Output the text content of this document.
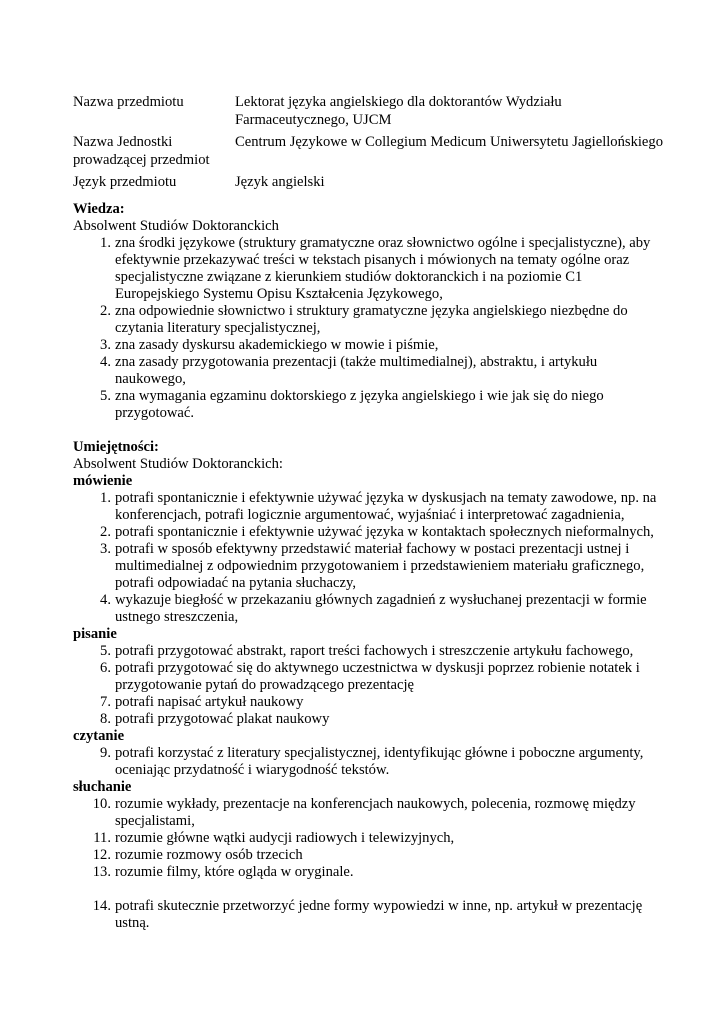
Nazwa przedmiotu	Lektorat języka angielskiego dla doktorantów Wydziału Farmaceutycznego, UJCM
Nazwa Jednostki prowadzącej przedmiot	Centrum Językowe w Collegium Medicum Uniwersytetu Jagiellońskiego
Język przedmiotu	Język angielski
Wiedza:
Absolwent Studiów Doktoranckich
1. zna środki językowe (struktury gramatyczne oraz słownictwo ogólne i specjalistyczne), aby efektywnie przekazywać treści w tekstach pisanych i mówionych na tematy ogólne oraz specjalistyczne związane z kierunkiem studiów doktoranckich i na poziomie C1 Europejskiego Systemu Opisu Kształcenia Językowego,
2. zna odpowiednie słownictwo i struktury gramatyczne języka angielskiego niezbędne do czytania literatury specjalistycznej,
3. zna zasady dyskursu akademickiego w mowie i piśmie,
4. zna zasady przygotowania prezentacji (także multimedialnej), abstraktu, i artykułu naukowego,
5. zna wymagania egzaminu doktorskiego z języka angielskiego i wie jak się do niego przygotować.
Umiejętności:
Absolwent Studiów Doktoranckich:
mówienie
1. potrafi spontanicznie i efektywnie używać języka w dyskusjach na tematy zawodowe, np. na konferencjach, potrafi logicznie argumentować, wyjaśniać i interpretować zagadnienia,
2. potrafi spontanicznie i efektywnie używać języka w kontaktach społecznych nieformalnych,
3. potrafi w sposób efektywny przedstawić materiał fachowy w postaci prezentacji ustnej i multimedialnej z odpowiednim przygotowaniem i przedstawieniem materiału graficznego, potrafi odpowiadać na pytania słuchaczy,
4. wykazuje biegłość w przekazaniu głównych zagadnień z wysłuchanej prezentacji w formie ustnego streszczenia,
pisanie
5. potrafi przygotować abstrakt, raport treści fachowych i streszczenie artykułu fachowego,
6. potrafi przygotować się do aktywnego uczestnictwa w dyskusji poprzez robienie notatek i przygotowanie pytań do prowadzącego prezentację
7. potrafi napisać artykuł naukowy
8. potrafi przygotować plakat naukowy
czytanie
9. potrafi korzystać z literatury specjalistycznej, identyfikując główne i poboczne argumenty, oceniając przydatność i wiarygodność tekstów.
słuchanie
10. rozumie wykłady, prezentacje na konferencjach naukowych, polecenia, rozmowę między specjalistami,
11. rozumie główne wątki audycji radiowych i telewizyjnych,
12. rozumie rozmowy osób trzecich
13. rozumie filmy, które ogląda w oryginale.
14. potrafi skutecznie przetworzyć jedne formy wypowiedzi w inne, np. artykuł w prezentację ustną.
